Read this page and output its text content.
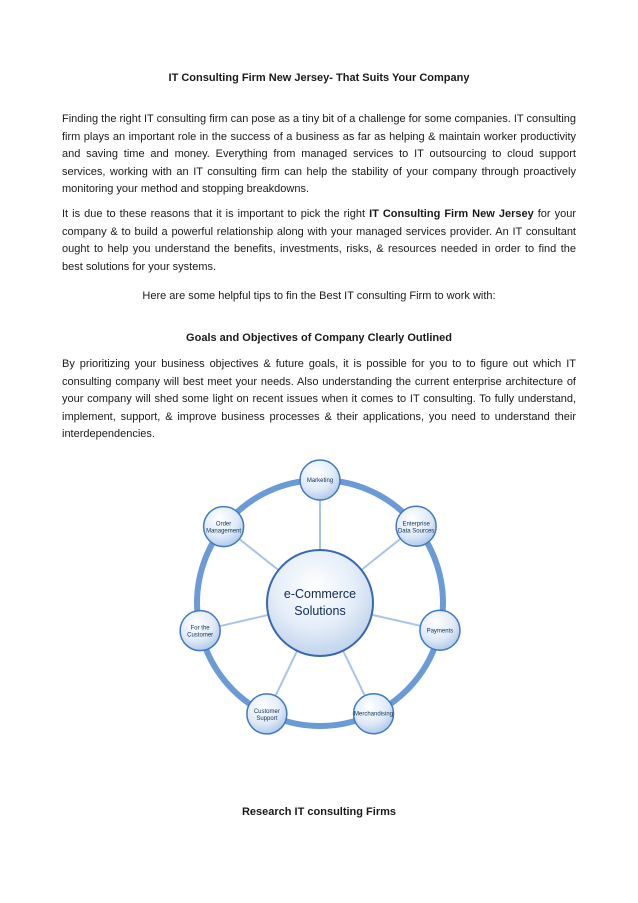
IT Consulting Firm New Jersey- That Suits Your Company

Finding the right IT consulting firm can pose as a tiny bit of a challenge for some companies. IT consulting firm plays an important role in the success of a business as far as helping & maintain worker productivity and saving time and money. Everything from managed services to IT outsourcing to cloud support services, working with an IT consulting firm can help the stability of your company through proactively monitoring your method and stopping breakdowns.

It is due to these reasons that it is important to pick the right IT Consulting Firm New Jersey for your company & to build a powerful relationship along with your managed services provider. An IT consultant ought to help you understand the benefits, investments, risks, & resources needed in order to find the best solutions for your systems.

Here are some helpful tips to fin the Best IT consulting Firm to work with:
Goals and Objectives of Company Clearly Outlined

By prioritizing your business objectives & future goals, it is possible for you to to figure out which IT consulting company will best meet your needs. Also understanding the current enterprise architecture of your company will shed some light on recent issues when it comes to IT consulting. To fully understand, implement, support, & improve business processes & their applications, you need to understand their interdependencies.

e-Commerce
Solutions
Marketing
Enterprise
Data Sources
Payments
Merchandising
Customer
Support
For the
Customer
Order
Management
Research IT consulting Firms
